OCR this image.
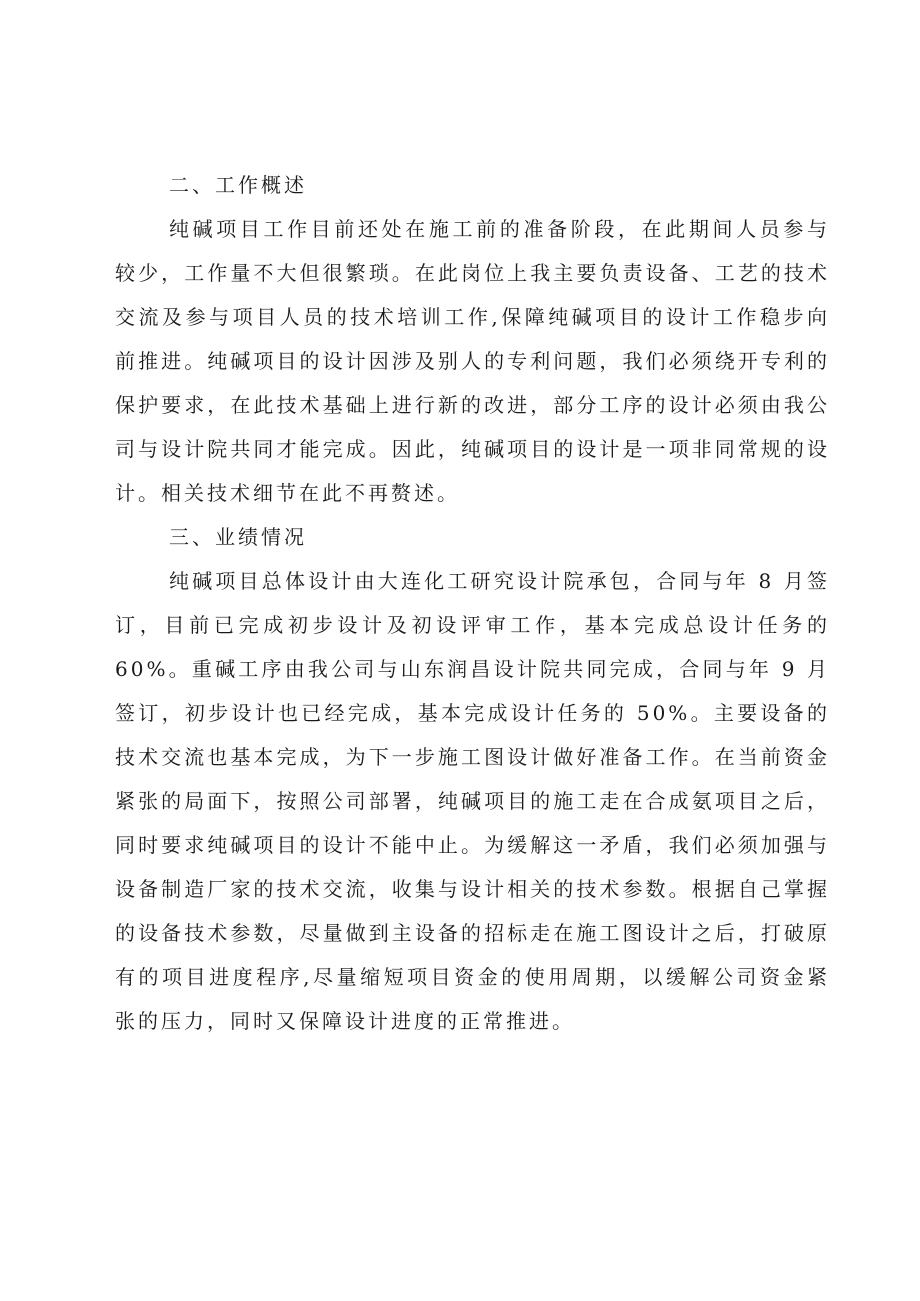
二、工作概述

纯碱项目工作目前还处在施工前的准备阶段，在此期间人员参与较少，工作量不大但很繁琐。在此岗位上我主要负责设备、工艺的技术交流及参与项目人员的技术培训工作,保障纯碱项目的设计工作稳步向前推进。纯碱项目的设计因涉及别人的专利问题，我们必须绕开专利的保护要求，在此技术基础上进行新的改进，部分工序的设计必须由我公司与设计院共同才能完成。因此，纯碱项目的设计是一项非同常规的设计。相关技术细节在此不再赘述。

三、业绩情况

纯碱项目总体设计由大连化工研究设计院承包，合同与年 8 月签订，目前已完成初步设计及初设评审工作，基本完成总设计任务的60%。重碱工序由我公司与山东润昌设计院共同完成，合同与年 9 月签订，初步设计也已经完成，基本完成设计任务的 50%。主要设备的技术交流也基本完成，为下一步施工图设计做好准备工作。在当前资金紧张的局面下，按照公司部署，纯碱项目的施工走在合成氨项目之后，同时要求纯碱项目的设计不能中止。为缓解这一矛盾，我们必须加强与设备制造厂家的技术交流，收集与设计相关的技术参数。根据自己掌握的设备技术参数，尽量做到主设备的招标走在施工图设计之后，打破原有的项目进度程序,尽量缩短项目资金的使用周期，以缓解公司资金紧张的压力，同时又保障设计进度的正常推进。
